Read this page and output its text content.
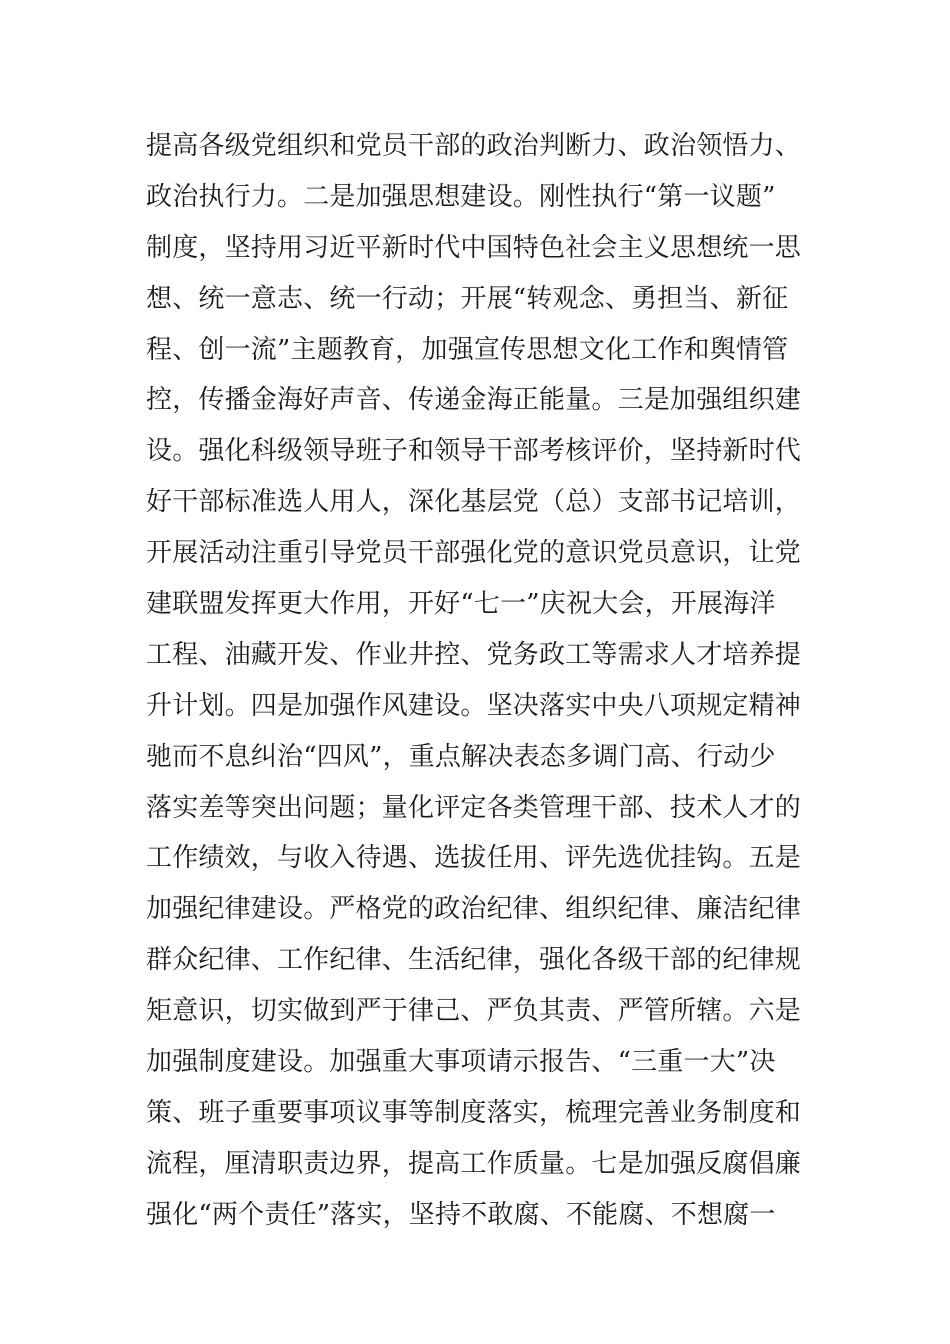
提高各级党组织和党员干部的政治判断力、政治领悟力、
政治执行力。二是加强思想建设。刚性执行“第一议题”
制度，坚持用习近平新时代中国特色社会主义思想统一思
想、统一意志、统一行动；开展“转观念、勇担当、新征
程、创一流”主题教育，加强宣传思想文化工作和舆情管
控，传播金海好声音、传递金海正能量。三是加强组织建
设。强化科级领导班子和领导干部考核评价，坚持新时代
好干部标准选人用人，深化基层党（总）支部书记培训，
开展活动注重引导党员干部强化党的意识党员意识，让党
建联盟发挥更大作用，开好“七一”庆祝大会，开展海洋
工程、油藏开发、作业井控、党务政工等需求人才培养提
升计划。四是加强作风建设。坚决落实中央八项规定精神
驰而不息纠治“四风”，重点解决表态多调门高、行动少
落实差等突出问题；量化评定各类管理干部、技术人才的
工作绩效，与收入待遇、选拔任用、评先选优挂钩。五是
加强纪律建设。严格党的政治纪律、组织纪律、廉洁纪律
群众纪律、工作纪律、生活纪律，强化各级干部的纪律规
矩意识，切实做到严于律己、严负其责、严管所辖。六是
加强制度建设。加强重大事项请示报告、“三重一大”决
策、班子重要事项议事等制度落实，梳理完善业务制度和
流程，厘清职责边界，提高工作质量。七是加强反腐倡廉
强化“两个责任”落实，坚持不敢腐、不能腐、不想腐一
